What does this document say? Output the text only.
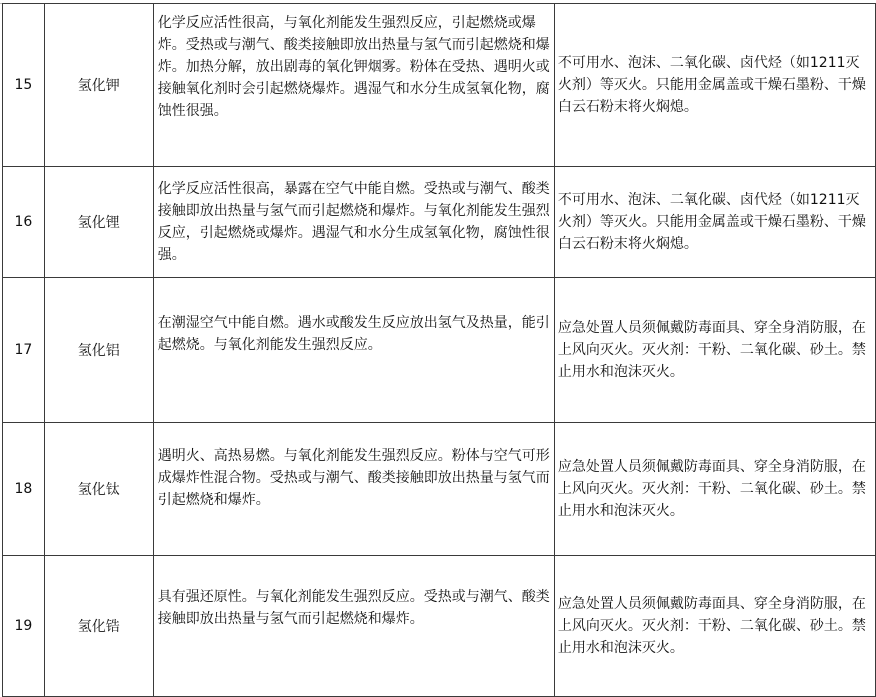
15	氢化钾	化学反应活性很高，与氧化剂能发生强烈反应，引起燃烧或爆炸。受热或与潮气、酸类接触即放出热量与氢气而引起燃烧和爆炸。加热分解，放出剧毒的氧化钾烟雾。粉体在受热、遇明火或接触氧化剂时会引起燃烧爆炸。遇湿气和水分生成氢氧化物，腐蚀性很强。	不可用水、泡沫、二氧化碳、卤代烃（如1211灭火剂）等灭火。只能用金属盖或干燥石墨粉、干燥白云石粉末将火焖熄。
16	氢化锂	化学反应活性很高，暴露在空气中能自燃。受热或与潮气、酸类接触即放出热量与氢气而引起燃烧和爆炸。与氧化剂能发生强烈反应，引起燃烧或爆炸。遇湿气和水分生成氢氧化物，腐蚀性很强。	不可用水、泡沫、二氧化碳、卤代烃（如1211灭火剂）等灭火。只能用金属盖或干燥石墨粉、干燥白云石粉末将火焖熄。
17	氢化铝	在潮湿空气中能自燃。遇水或酸发生反应放出氢气及热量，能引起燃烧。与氧化剂能发生强烈反应。	应急处置人员须佩戴防毒面具、穿全身消防服，在上风向灭火。灭火剂：干粉、二氧化碳、砂土。禁止用水和泡沫灭火。
18	氢化钛	遇明火、高热易燃。与氧化剂能发生强烈反应。粉体与空气可形成爆炸性混合物。受热或与潮气、酸类接触即放出热量与氢气而引起燃烧和爆炸。	应急处置人员须佩戴防毒面具、穿全身消防服，在上风向灭火。灭火剂：干粉、二氧化碳、砂土。禁止用水和泡沫灭火。
19	氢化锆	具有强还原性。与氧化剂能发生强烈反应。受热或与潮气、酸类接触即放出热量与氢气而引起燃烧和爆炸。	应急处置人员须佩戴防毒面具、穿全身消防服，在上风向灭火。灭火剂：干粉、二氧化碳、砂土。禁止用水和泡沫灭火。
